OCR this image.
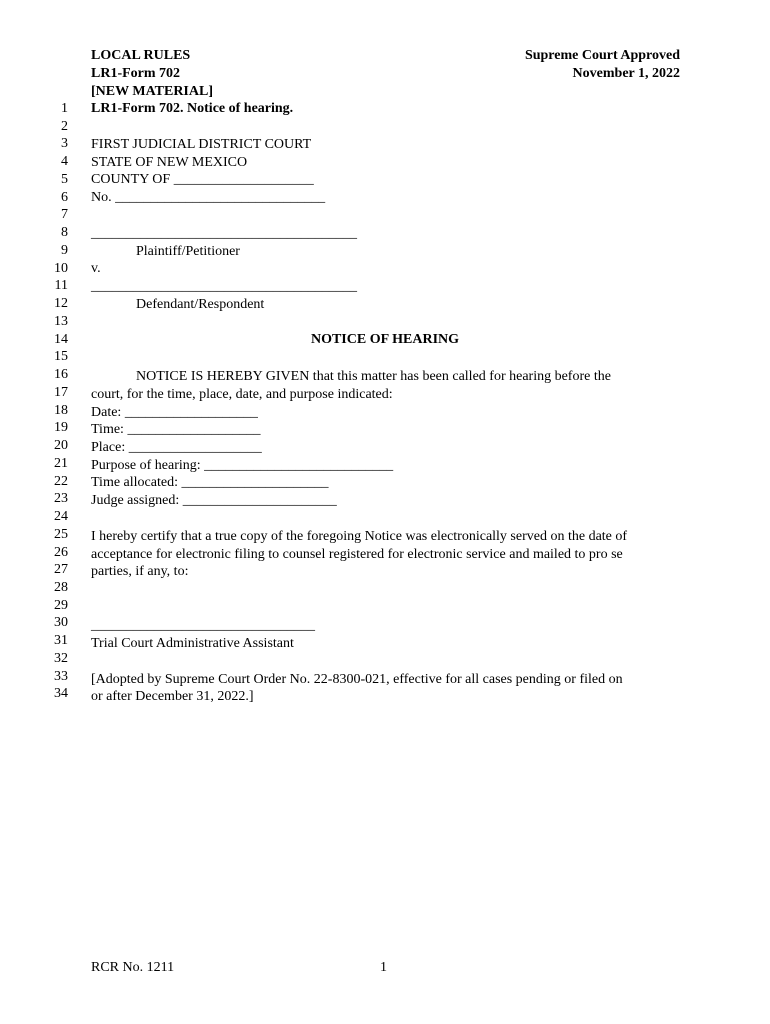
LOCAL RULES
LR1-Form 702
[NEW MATERIAL]
LR1-Form 702. Notice of hearing.
Supreme Court Approved
November 1, 2022
1
2
3
4
5
6
7
8
9
10
11
12
13
14
15
16
17
18
19
20
21
22
23
24
25
26
27
28
29
30
31
32
33
34
FIRST JUDICIAL DISTRICT COURT
STATE OF NEW MEXICO
COUNTY OF ____________________
No. ______________________________
______________________________________
Plaintiff/Petitioner
v.
______________________________________
Defendant/Respondent
NOTICE OF HEARING
NOTICE IS HEREBY GIVEN that this matter has been called for hearing before the
court, for the time, place, date, and purpose indicated:
Date: ___________________
Time: ___________________
Place: ___________________
Purpose of hearing: ___________________________
Time allocated: _____________________
Judge assigned: ______________________
I hereby certify that a true copy of the foregoing Notice was electronically served on the date of
acceptance for electronic filing to counsel registered for electronic service and mailed to pro se
parties, if any, to:
________________________________
Trial Court Administrative Assistant
[Adopted by Supreme Court Order No. 22-8300-021, effective for all cases pending or filed on
or after December 31, 2022.]
RCR No. 1211	1
